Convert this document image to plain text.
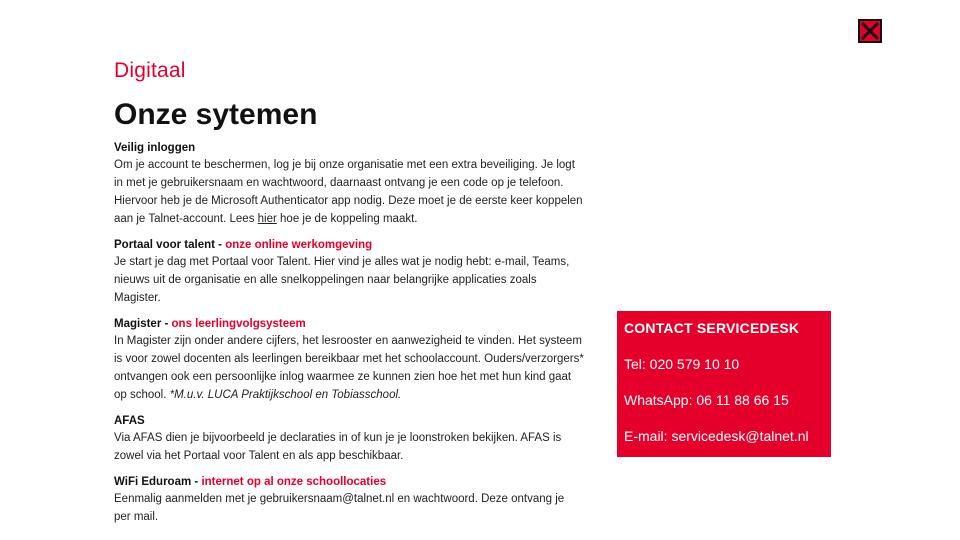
Digitaal
Onze sytemen
Veilig inloggen
Om je account te beschermen, log je bij onze organisatie met een extra beveiliging. Je logt in met je gebruikersnaam en wachtwoord, daarnaast ontvang je een code op je telefoon. Hiervoor heb je de Microsoft Authenticator app nodig. Deze moet je de eerste keer koppelen aan je Talnet-account. Lees hier hoe je de koppeling maakt.
Portaal voor talent - onze online werkomgeving
Je start je dag met Portaal voor Talent. Hier vind je alles wat je nodig hebt: e-mail, Teams, nieuws uit de organisatie en alle snelkoppelingen naar belangrijke applicaties zoals Magister.
Magister - ons leerlingvolgsysteem
In Magister zijn onder andere cijfers, het lesrooster en aanwezigheid te vinden. Het systeem is voor zowel docenten als leerlingen bereikbaar met het schoolaccount. Ouders/verzorgers* ontvangen ook een persoonlijke inlog waarmee ze kunnen zien hoe het met hun kind gaat op school. *M.u.v. LUCA Praktijkschool en Tobiasschool.
AFAS
Via AFAS dien je bijvoorbeeld je declaraties in of kun je je loonstroken bekijken. AFAS is zowel via het Portaal voor Talent en als app beschikbaar.
WiFi Eduroam - internet op al onze schoollocaties
Eenmalig aanmelden met je gebruikersnaam@talnet.nl en wachtwoord. Deze ontvang je per mail.
CONTACT SERVICEDESK
Tel: 020 579 10 10
WhatsApp: 06 11 88 66 15
E-mail: servicedesk@talnet.nl
